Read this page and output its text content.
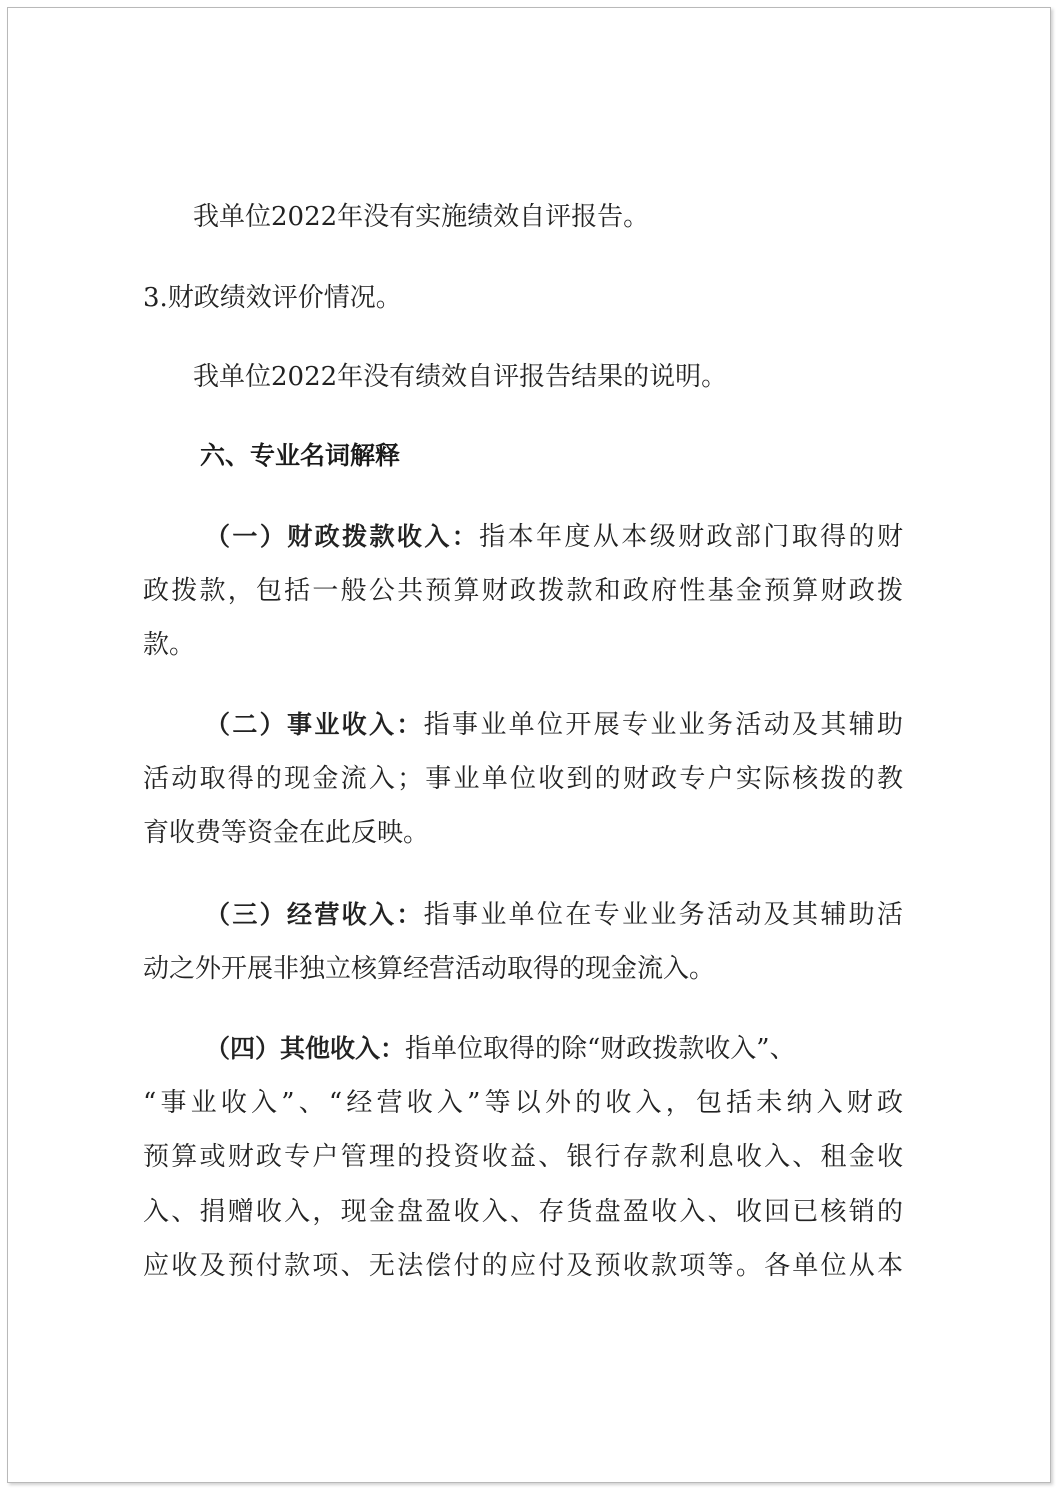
我单位2022年没有实施绩效自评报告。

3.财政绩效评价情况。

我单位2022年没有绩效自评报告结果的说明。

六、专业名词解释

（一）财政拨款收入：指本年度从本级财政部门取得的财

政拨款，包括一般公共预算财政拨款和政府性基金预算财政拨

款。

（二）事业收入：指事业单位开展专业业务活动及其辅助

活动取得的现金流入；事业单位收到的财政专户实际核拨的教

育收费等资金在此反映。

（三）经营收入：指事业单位在专业业务活动及其辅助活

动之外开展非独立核算经营活动取得的现金流入。

（四）其他收入：指单位取得的除“财政拨款收入”、

“事业收入”、“经营收入”等以外的收入，包括未纳入财政

预算或财政专户管理的投资收益、银行存款利息收入、租金收

入、捐赠收入，现金盘盈收入、存货盘盈收入、收回已核销的

应收及预付款项、无法偿付的应付及预收款项等。各单位从本
